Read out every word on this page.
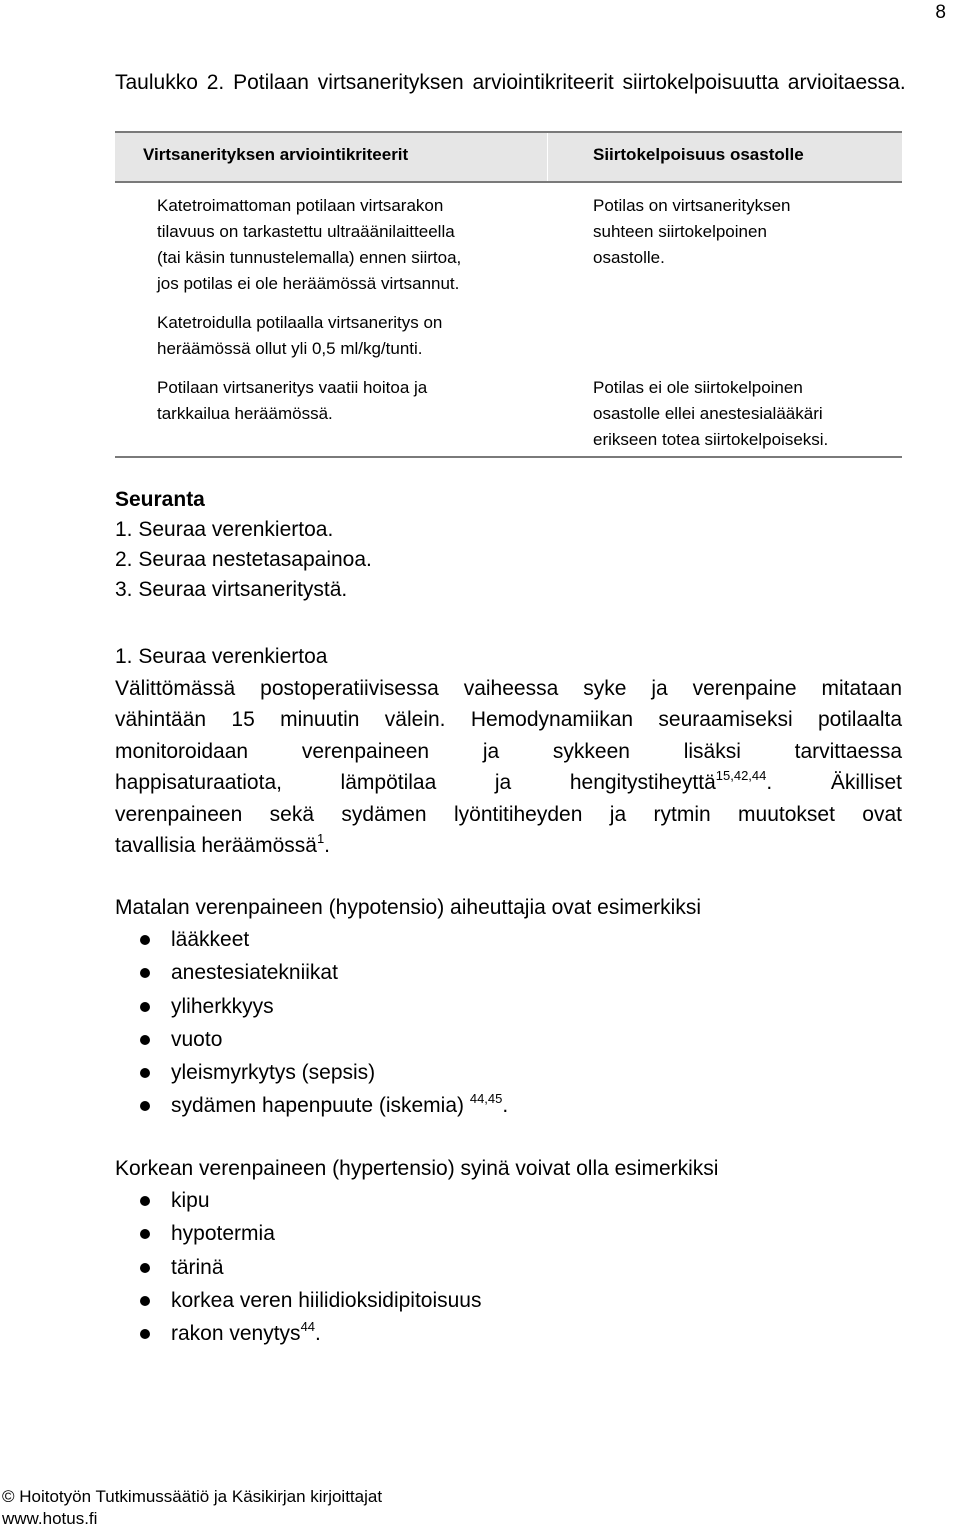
8
Taulukko 2. Potilaan virtsanerityksen arviointikriteerit siirtokelpoisuutta arvioitaessa.
Virtsanerityksen arviointikriteerit	Siirtokelpoisuus osastolle
Katetroimattoman potilaan virtsarakon
tilavuus on tarkastettu ultraäänilaitteella
(tai käsin tunnustelemalla) ennen siirtoa,
jos potilas ei ole heräämössä virtsannut.
Katetroidulla potilaalla virtsaneritys on
heräämössä ollut yli 0,5 ml/kg/tunti.
Potilaan virtsaneritys vaatii hoitoa ja
tarkkailua heräämössä.
Potilas on virtsanerityksen
suhteen siirtokelpoinen
osastolle.
Potilas ei ole siirtokelpoinen
osastolle ellei anestesialääkäri
erikseen totea siirtokelpoiseksi.

Seuranta

1. Seuraa verenkiertoa.

2. Seuraa nestetasapainoa.

3. Seuraa virtsaneritystä.

1. Seuraa verenkiertoa
Välittömässä postoperatiivisessa vaiheessa syke ja verenpaine mitataan
vähintään 15 minuutin välein. Hemodynamiikan seuraamiseksi potilaalta
monitoroidaan verenpaineen ja sykkeen lisäksi tarvittaessa
happisaturaatiota, lämpötilaa ja hengitystiheyttä$^{15,42,44}$. Äkilliset
verenpaineen sekä sydämen lyöntitiheyden ja rytmin muutokset ovat
tavallisia heräämössä$^1$.

Matalan verenpaineen (hypotensio) aiheuttajia ovat esimerkiksi

lääkkeet
anestesiatekniikat
yliherkkyys
vuoto
yleismyrkytys (sepsis)
sydämen hapenpuute (iskemia) $^{44,45}$.

Korkean verenpaineen (hypertensio) syinä voivat olla esimerkiksi

kipu
hypotermia
tärinä
korkea veren hiilidioksidipitoisuus
rakon venytys$^{44}$.
© Hoitotyön Tutkimussäätiö ja Käsikirjan kirjoittajat
www.hotus.fi
